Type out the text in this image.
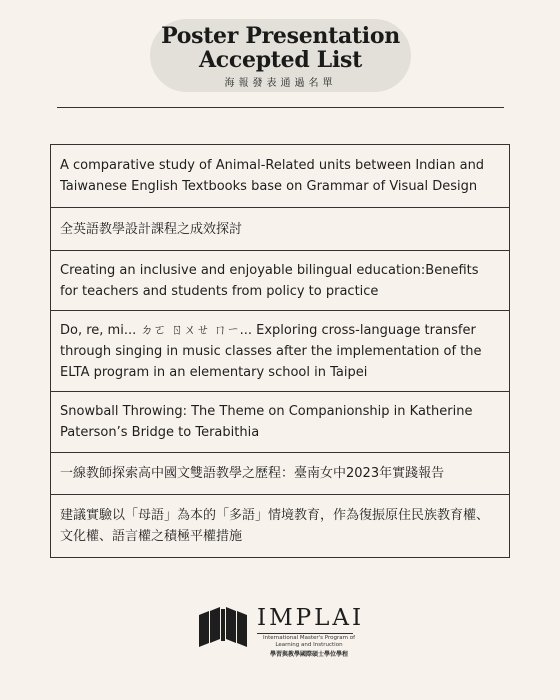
Poster Presentation
Accepted List
海報發表通過名單
A comparative study of Animal-Related units between Indian and Taiwanese English Textbooks base on Grammar of Visual Design
全英語教學設計課程之成效探討
Creating an inclusive and enjoyable bilingual education:Benefits for teachers and students from policy to practice
Do, re, mi... ㄉㄛ ㄖㄨㄝ ㄇㄧ... Exploring cross-language transfer through singing in music classes after the implementation of the ELTA program in an elementary school in Taipei
Snowball Throwing: The Theme on Companionship in Katherine Paterson’s Bridge to Terabithia
一線教師探索高中國文雙語教學之歷程：臺南女中2023年實踐報告
建議實驗以「母語」為本的「多語」情境教育，作為復振原住民族教育權、文化權、語言權之積極平權措施
IMPLAI
International Master's Program of Learning and Instruction
學習與教學國際碩士學位學程
